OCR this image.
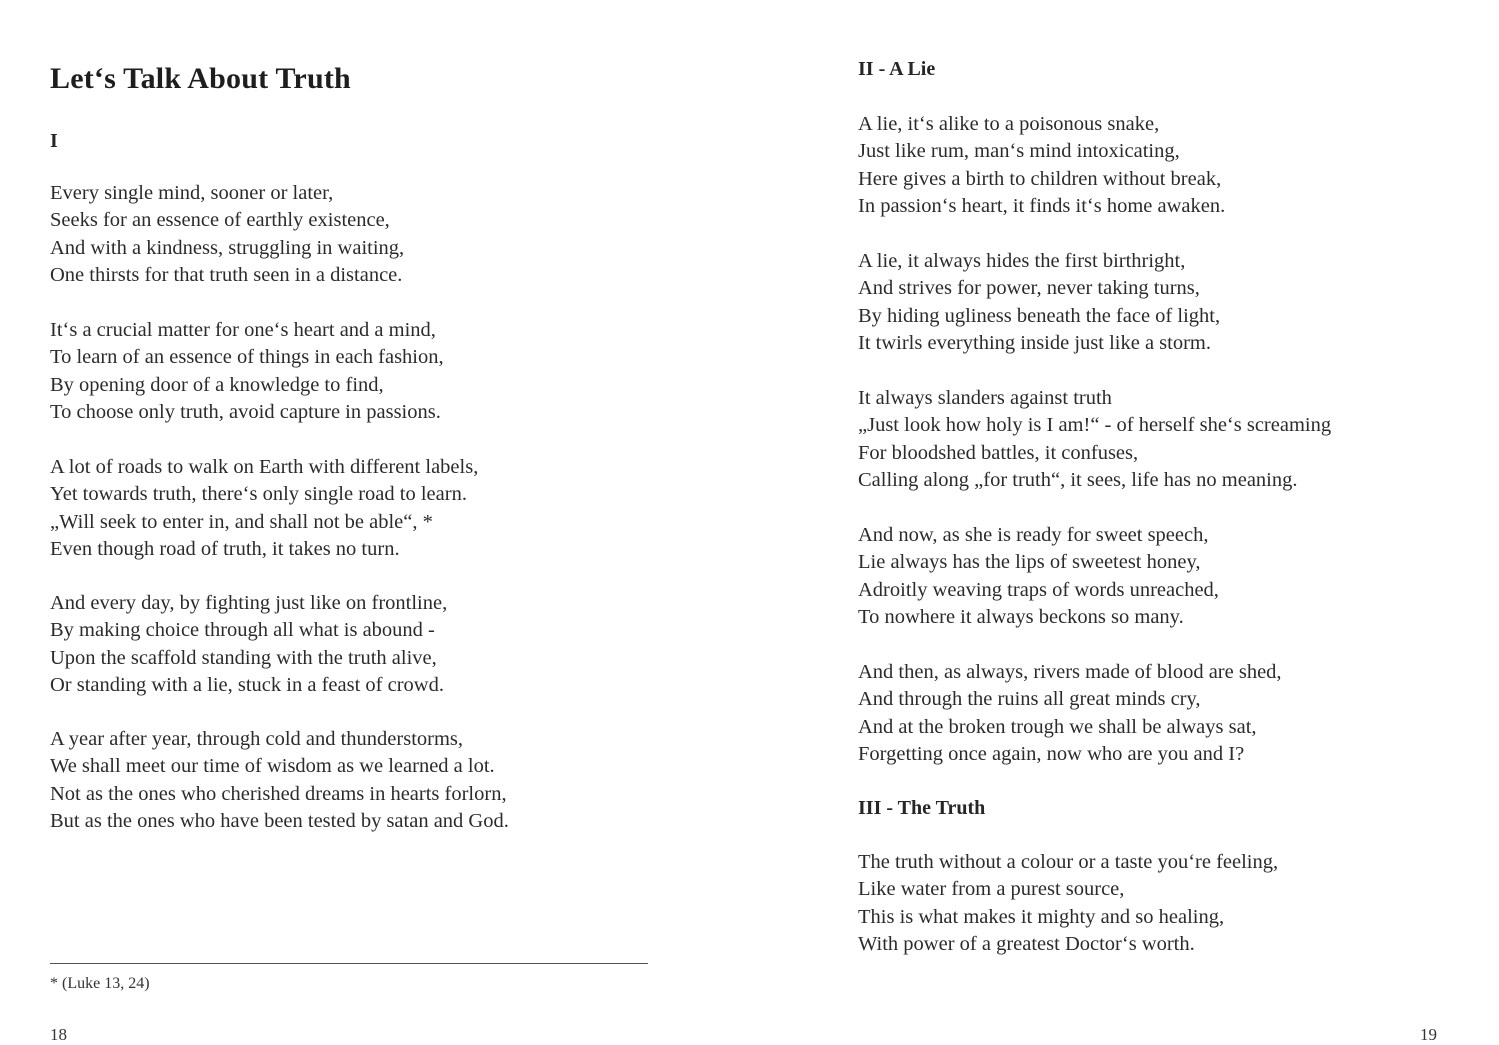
Let‘s Talk About Truth
I
Every single mind, sooner or later,
Seeks for an essence of earthly existence,
And with a kindness, struggling in waiting,
One thirsts for that truth seen in a distance.
It‘s a crucial matter for one‘s heart and a mind,
To learn of an essence of things in each fashion,
By opening door of a knowledge to find,
To choose only truth, avoid capture in passions.
A lot of roads to walk on Earth with different labels,
Yet towards truth, there‘s only single road to learn.
„Will seek to enter in, and shall not be able“, *
Even though road of truth, it takes no turn.
And every day, by fighting just like on frontline,
By making choice through all what is abound -
Upon the scaffold standing with the truth alive,
Or standing with a lie, stuck in a feast of crowd.
A year after year, through cold and thunderstorms,
We shall meet our time of wisdom as we learned a lot.
Not as the ones who cherished dreams in hearts forlorn,
But as the ones who have been tested by satan and God.
* (Luke 13, 24)
18
II - A Lie
A lie, it‘s alike to a poisonous snake,
Just like rum, man‘s mind intoxicating,
Here gives a birth to children without break,
In passion‘s heart, it finds it‘s home awaken.
A lie, it always hides the first birthright,
And strives for power, never taking turns,
By hiding ugliness beneath the face of light,
It twirls everything inside just like a storm.
It always slanders against truth
„Just look how holy is I am!“ - of herself she‘s screaming
For bloodshed battles, it confuses,
Calling along „for truth“, it sees, life has no meaning.
And now, as she is ready for sweet speech,
Lie always has the lips of sweetest honey,
Adroitly weaving traps of words unreached,
To nowhere it always beckons so many.
And then, as always, rivers made of blood are shed,
And through the ruins all great minds cry,
And at the broken trough we shall be always sat,
Forgetting once again, now who are you and I?
III - The Truth
The truth without a colour or a taste you‘re feeling,
Like water from a purest source,
This is what makes it mighty and so healing,
With power of a greatest Doctor‘s worth.
19
